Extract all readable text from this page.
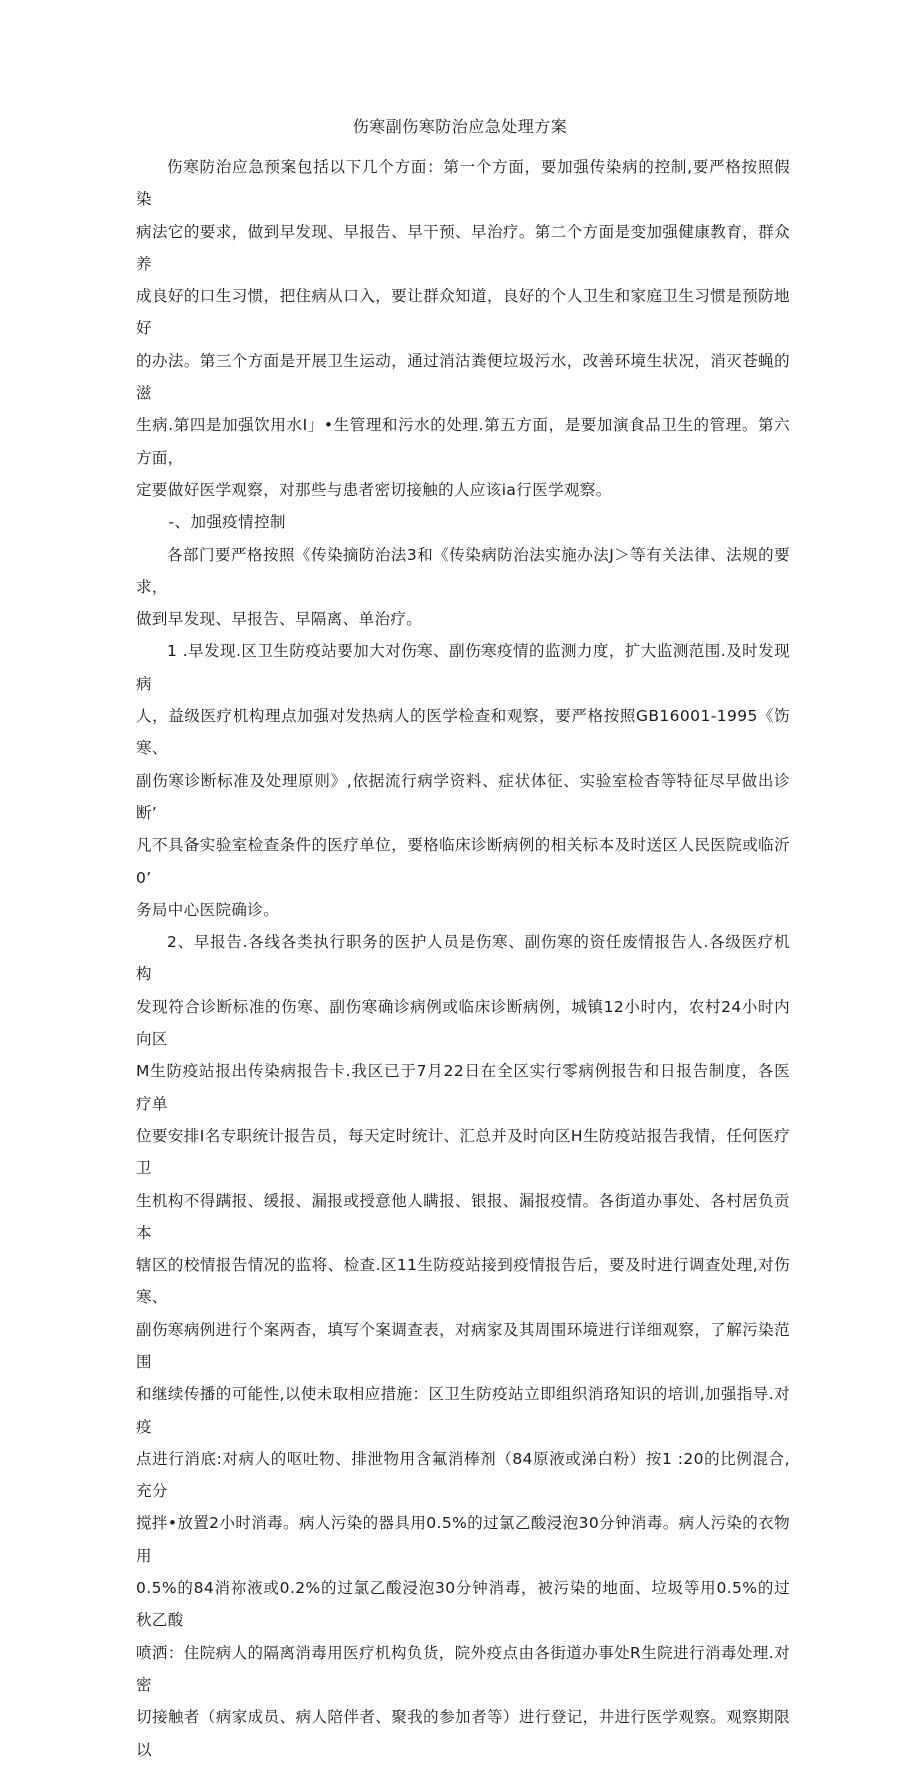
伤寒副伤寒防治应急处理方案

伤寒防治应急预案包括以下几个方面：第一个方面，要加强传染病的控制,要严格按照假染
病法它的要求，做到早发现、早报告、早干预、早治疗。第二个方面是变加强健康教育，群众养
成良好的口生习惯，把住病从口入，要让群众知道，良好的个人卫生和家庭卫生习惯是预防地好
的办法。第三个方面是开展卫生运动，通过消沽粪便垃圾污水，改善环境生状况，消灭苍蝇的滋
生病.第四是加强饮用水I」•生管理和污水的处理.第五方面，是要加演食品卫生的管理。第六方面，
定要做好医学观察，对那些与患者密切接触的人应该ia行医学观察。

-、加强疫情控制

各部门要严格按照《传染摘防治法3和《传染病防治法实施办法J＞等有关法律、法规的要求，
做到早发现、早报告、早隔离、单治疗。

1 .早发现.区卫生防疫站要加大对伤寒、副伤寒疫情的监测力度，扩大监测范围.及时发现病
人，益级医疗机构理点加强对发热病人的医学检查和观察，要严格按照GB16001-1995《饬寒、
副伤寒诊断标准及处理原则》,依据流行病学资料、症状体征、实验室检杳等特征尽早做出诊断’
凡不具备实验室检查条件的医疗单位，要格临床诊断病例的相关标本及时送区人民医院或临沂0’
务局中心医院确诊。

2、早报告.各线各类执行职务的医护人员是伤寒、副伤寒的资任废情报告人.各级医疗机构
发现符合诊断标准的伤寒、副伤寒确诊病例或临床诊断病例，城镇12小时内，农村24小时内向区
M生防疫站报出传染病报告卡.我区已于7月22日在全区实行零病例报告和日报告制度，各医疗单
位要安排I名专职统计报告员，每天定时统计、汇总并及时向区H生防疫站报告我情，任何医疗卫
生机构不得蹒报、缓报、漏报或授意他人瞒报、银报、漏报疫情。各街道办事处、各村居负贡本
辖区的校情报告情况的监将、检查.区11生防疫站接到疫情报告后，要及时进行调查处理,对伤寒、
副伤寒病例进行个案两杳，填写个案调查表，对病家及其周围环境进行详细观察，了解污染范围
和继续传播的可能性,以使未取相应措施：区卫生防疫站立即组织消珞知识的培训,加强指导.对疫
点进行消底:对病人的呕吐物、排泄物用含氟消棒剂（84原液或涕白粉）按1 :20的比例混合,充分
搅拌•放置2小时消毒。病人污染的器具用0.5%的过氯乙酸浸泡30分钟消毒。病人污染的衣物用
0.5%的84消祢液或0.2%的过氯乙酸浸泡30分钟消毒，被污染的地面、垃圾等用0.5%的过秋乙酸
喷洒：住院病人的隔离消毒用医疗机构负货，院外疫点由各街道办事处R生院进行消毒处理.对密
切接触者（病家成员、病人陪伴者、聚我的参加者等）进行登记，井进行医学观察。观察期限以
